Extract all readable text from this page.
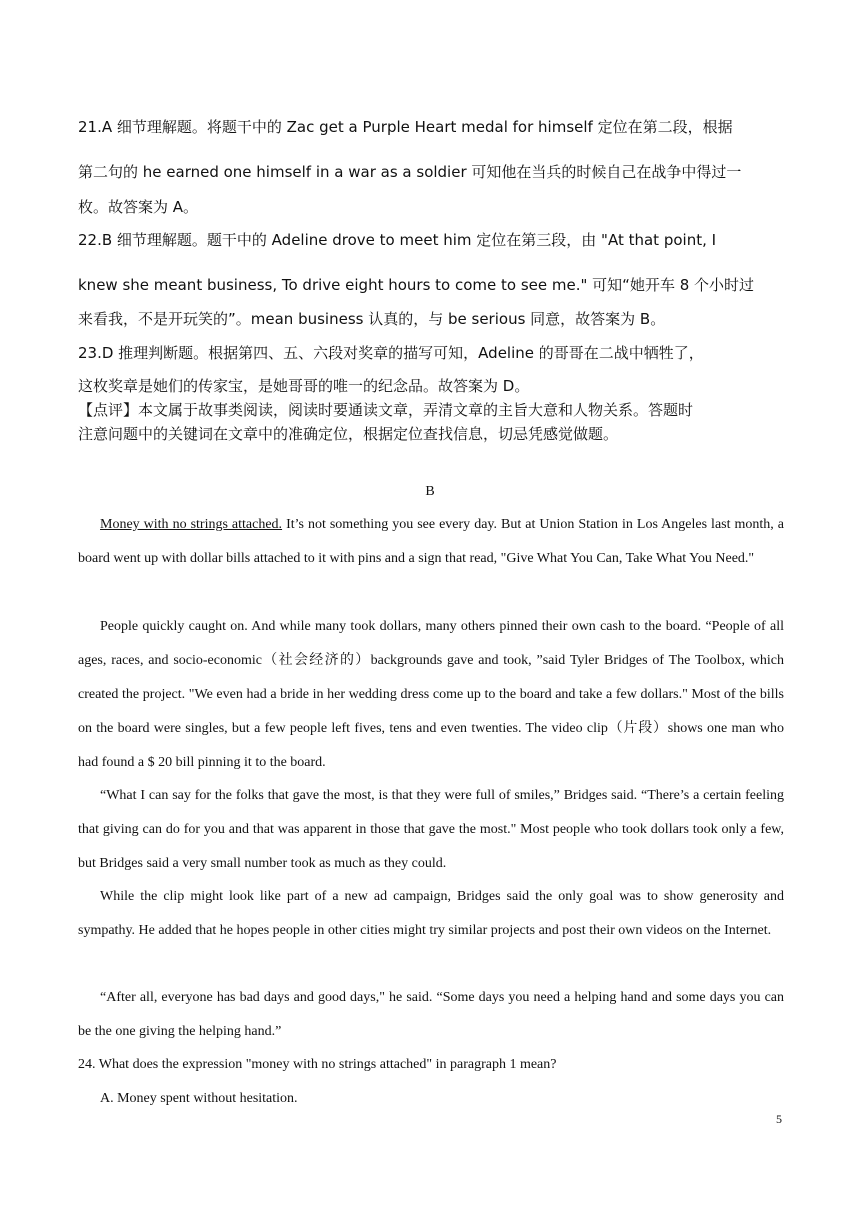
21.A 细节理解题。将题干中的 Zac get a Purple Heart medal for himself 定位在第二段，根据
第二句的 he earned one himself in a war as a soldier 可知他在当兵的时候自己在战争中得过一
枚。故答案为 A。
22.B 细节理解题。题干中的 Adeline drove to meet him 定位在第三段，由 "At that point, I
knew she meant business, To drive eight hours to come to see me." 可知“她开车 8 个小时过
来看我，不是开玩笑的”。mean business 认真的，与 be serious 同意，故答案为 B。
23.D 推理判断题。根据第四、五、六段对奖章的描写可知，Adeline 的哥哥在二战中牺牲了，
这枚奖章是她们的传家宝，是她哥哥的唯一的纪念品。故答案为 D。
【点评】本文属于故事类阅读，阅读时要通读文章，弄清文章的主旨大意和人物关系。答题时
注意问题中的关键词在文章中的准确定位，根据定位查找信息，切忌凭感觉做题。
B
Money with no strings attached. It’s not something you see every day. But at Union Station in Los Angeles last month, a board went up with dollar bills attached to it with pins and a sign that read, "Give What You Can, Take What You Need."
People quickly caught on. And while many took dollars, many others pinned their own cash to the board. “People of all ages, races, and socio-economic（社会经济的）backgrounds gave and took, ”said Tyler Bridges of The Toolbox, which created the project. "We even had a bride in her wedding dress come up to the board and take a few dollars." Most of the bills on the board were singles, but a few people left fives, tens and even twenties. The video clip（片段）shows one man who had found a $ 20 bill pinning it to the board.
“What I can say for the folks that gave the most, is that they were full of smiles,” Bridges said. “There’s a certain feeling that giving can do for you and that was apparent in those that gave the most." Most people who took dollars took only a few, but Bridges said a very small number took as much as they could.
While the clip might look like part of a new ad campaign, Bridges said the only goal was to show generosity and sympathy. He added that he hopes people in other cities might try similar projects and post their own videos on the Internet.
“After all, everyone has bad days and good days," he said. “Some days you need a helping hand and some days you can be the one giving the helping hand.”
24. What does the expression "money with no strings attached" in paragraph 1 mean?
A. Money spent without hesitation.
5
